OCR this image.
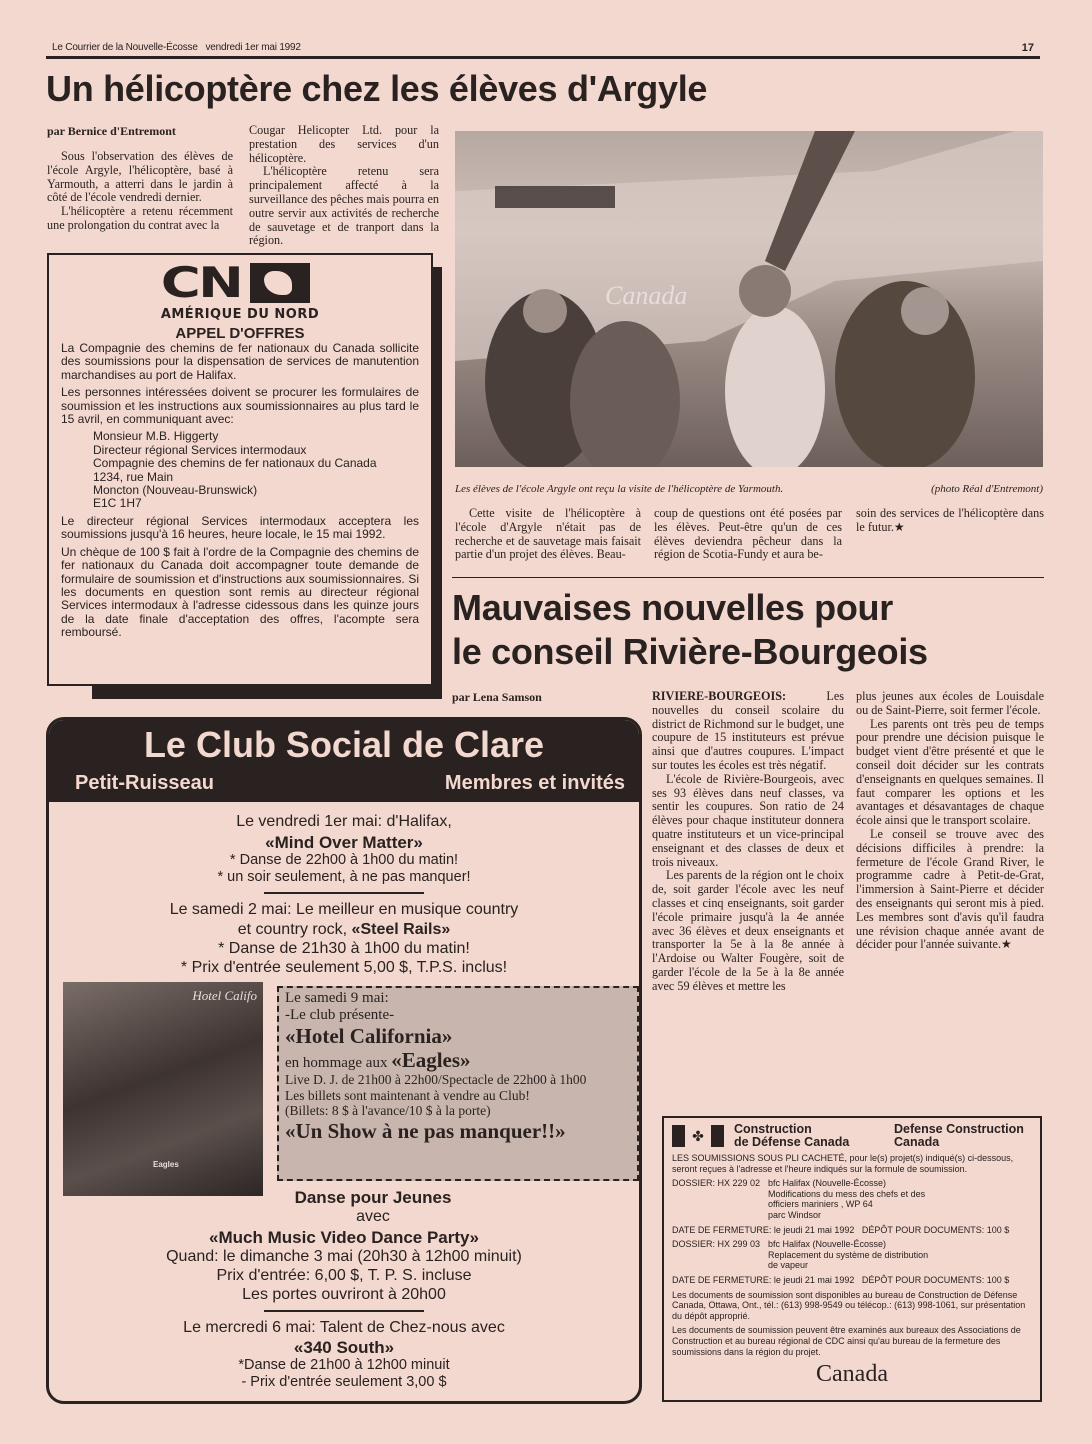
Le Courrier de la Nouvelle-Écosse vendredi 1er mai 1992	17
Un hélicoptère chez les élèves d'Argyle
par Bernice d'Entremont

Sous l'observation des élèves de l'école Argyle, l'hélicoptère, basé à Yarmouth, a atterri dans le jardin à côté de l'école vendredi dernier.

L'hélicoptère a retenu récemment une prolongation du contrat avec la

Cougar Helicopter Ltd. pour la prestation des services d'un hélicoptère.

L'hélicoptère retenu sera principalement affecté à la surveillance des pêches mais pourra en outre servir aux activités de recherche de sauvetage et de tranport dans la région.

CN
AMÉRIQUE DU NORD
APPEL D'OFFRES

La Compagnie des chemins de fer nationaux du Canada sollicite des soumissions pour la dispensation de services de manutention marchandises au port de Halifax.

Les personnes intéressées doivent se procurer les formulaires de soumission et les instructions aux soumissionnaires au plus tard le 15 avril, en communiquant avec:

Monsieur M.B. Higgerty
Directeur régional Services intermodaux
Compagnie des chemins de fer nationaux du Canada
1234, rue Main
Moncton (Nouveau-Brunswick)
E1C 1H7

Le directeur régional Services intermodaux acceptera les soumissions jusqu'à 16 heures, heure locale, le 15 mai 1992.

Un chèque de 100 $ fait à l'ordre de la Compagnie des chemins de fer nationaux du Canada doit accompagner toute demande de formulaire de soumission et d'instructions aux soumissionnaires. Si les documents en question sont remis au directeur régional Services intermodaux à l'adresse cidessous dans les quinze jours de la date finale d'acceptation des offres, l'acompte sera remboursé.

Canada
Les élèves de l'école Argyle ont reçu la visite de l'hélicoptère de Yarmouth.	(photo Réal d'Entremont)

Cette visite de l'hélicoptère à l'école d'Argyle n'était pas de recherche et de sauvetage mais faisait partie d'un projet des élèves. Beau-

coup de questions ont été posées par les élèves. Peut-être qu'un de ces élèves deviendra pêcheur dans la région de Scotia-Fundy et aura be-

soin des services de l'hélicoptère dans le futur.★

Mauvaises nouvelles pour
le conseil Rivière-Bourgeois
par Lena Samson	RIVIERE-BOURGEOIS:	Les nouvelles du conseil scolaire du district de Richmond sur le budget, une coupure de 15 instituteurs est prévue ainsi que d'autres coupures. L'impact sur toutes les écoles est très négatif.

L'école de Rivière-Bourgeois, avec ses 93 élèves dans neuf classes, va sentir les coupures. Son ratio de 24 élèves pour chaque instituteur donnera quatre instituteurs et un vice-principal enseignant et des classes de deux et trois niveaux.

Les parents de la région ont le choix de, soit garder l'école avec les neuf classes et cinq enseignants, soit garder l'école primaire jusqu'à la 4e année avec 36 élèves et deux enseignants et transporter la 5e à la 8e année à l'Ardoise ou Walter Fougère, soit de garder l'école de la 5e à la 8e année avec 59 élèves et mettre les

plus jeunes aux écoles de Louisdale ou de Saint-Pierre, soit fermer l'école.

Les parents ont très peu de temps pour prendre une décision puisque le budget vient d'être présenté et que le conseil doit décider sur les contrats d'enseignants en quelques semaines. Il faut comparer les options et les avantages et désavantages de chaque école ainsi que le transport scolaire.

Le conseil se trouve avec des décisions difficiles à prendre: la fermeture de l'école Grand River, le programme cadre à Petit-de-Grat, l'immersion à Saint-Pierre et décider des enseignants qui seront mis à pied. Les membres sont d'avis qu'il faudra une révision chaque année avant de décider pour l'année suivante.★

Le Club Social de Clare
Petit-Ruisseau	Membres et invités
Le vendredi 1er mai: d'Halifax,
«Mind Over Matter»
* Danse de 22h00 à 1h00 du matin!
* un soir seulement, à ne pas manquer!
Le samedi 2 mai: Le meilleur en musique country
et country rock, «Steel Rails»
* Danse de 21h30 à 1h00 du matin!
* Prix d'entrée seulement 5,00 $, T.P.S. inclus!
Hotel Califo
Eagles
Le samedi 9 mai:
-Le club présente-
«Hotel California»
en hommage aux «Eagles»
Live D. J. de 21h00 à 22h00/Spectacle de 22h00 à 1h00
Les billets sont maintenant à vendre au Club!
(Billets: 8 $ à l'avance/10 $ à la porte)
«Un Show à ne pas manquer!!»
Danse pour Jeunes
avec
«Much Music Video Dance Party»
Quand: le dimanche 3 mai (20h30 à 12h00 minuit)
Prix d'entrée: 6,00 $, T. P. S. incluse
Les portes ouvriront à 20h00
Le mercredi 6 mai: Talent de Chez-nous avec
«340 South»
*Danse de 21h00 à 12h00 minuit
- Prix d'entrée seulement 3,00 $
✤	Construction
de Défense Canada
Defense Construction
Canada

LES SOUMISSIONS SOUS PLI CACHETÉ, pour le(s) projet(s) indiqué(s) ci-dessous, seront reçues à l'adresse et l'heure indiqués sur la formule de soumission.

DOSSIER: HX 229 02 bfc Halifax (Nouvelle-Écosse)
Modifications du mess des chefs et des
officiers mariniers , WP 64
parc Windsor

DATE DE FERMETURE: le jeudi 21 mai 1992 DÉPÔT POUR DOCUMENTS: 100 $

DOSSIER: HX 299 03 bfc Halifax (Nouvelle-Écosse)
Replacement du système de distribution
de vapeur

DATE DE FERMETURE: le jeudi 21 mai 1992 DÉPÔT POUR DOCUMENTS: 100 $

Les documents de soumission sont disponibles au bureau de Construction de Défense Canada, Ottawa, Ont., tél.: (613) 998-9549 ou télécop.: (613) 998-1061, sur présentation du dépôt approprié.

Les documents de soumission peuvent être examinés aux bureaux des Associations de Construction et au bureau régional de CDC ainsi qu'au bureau de la fermeture des soumissions dans la région du projet.

Canada
